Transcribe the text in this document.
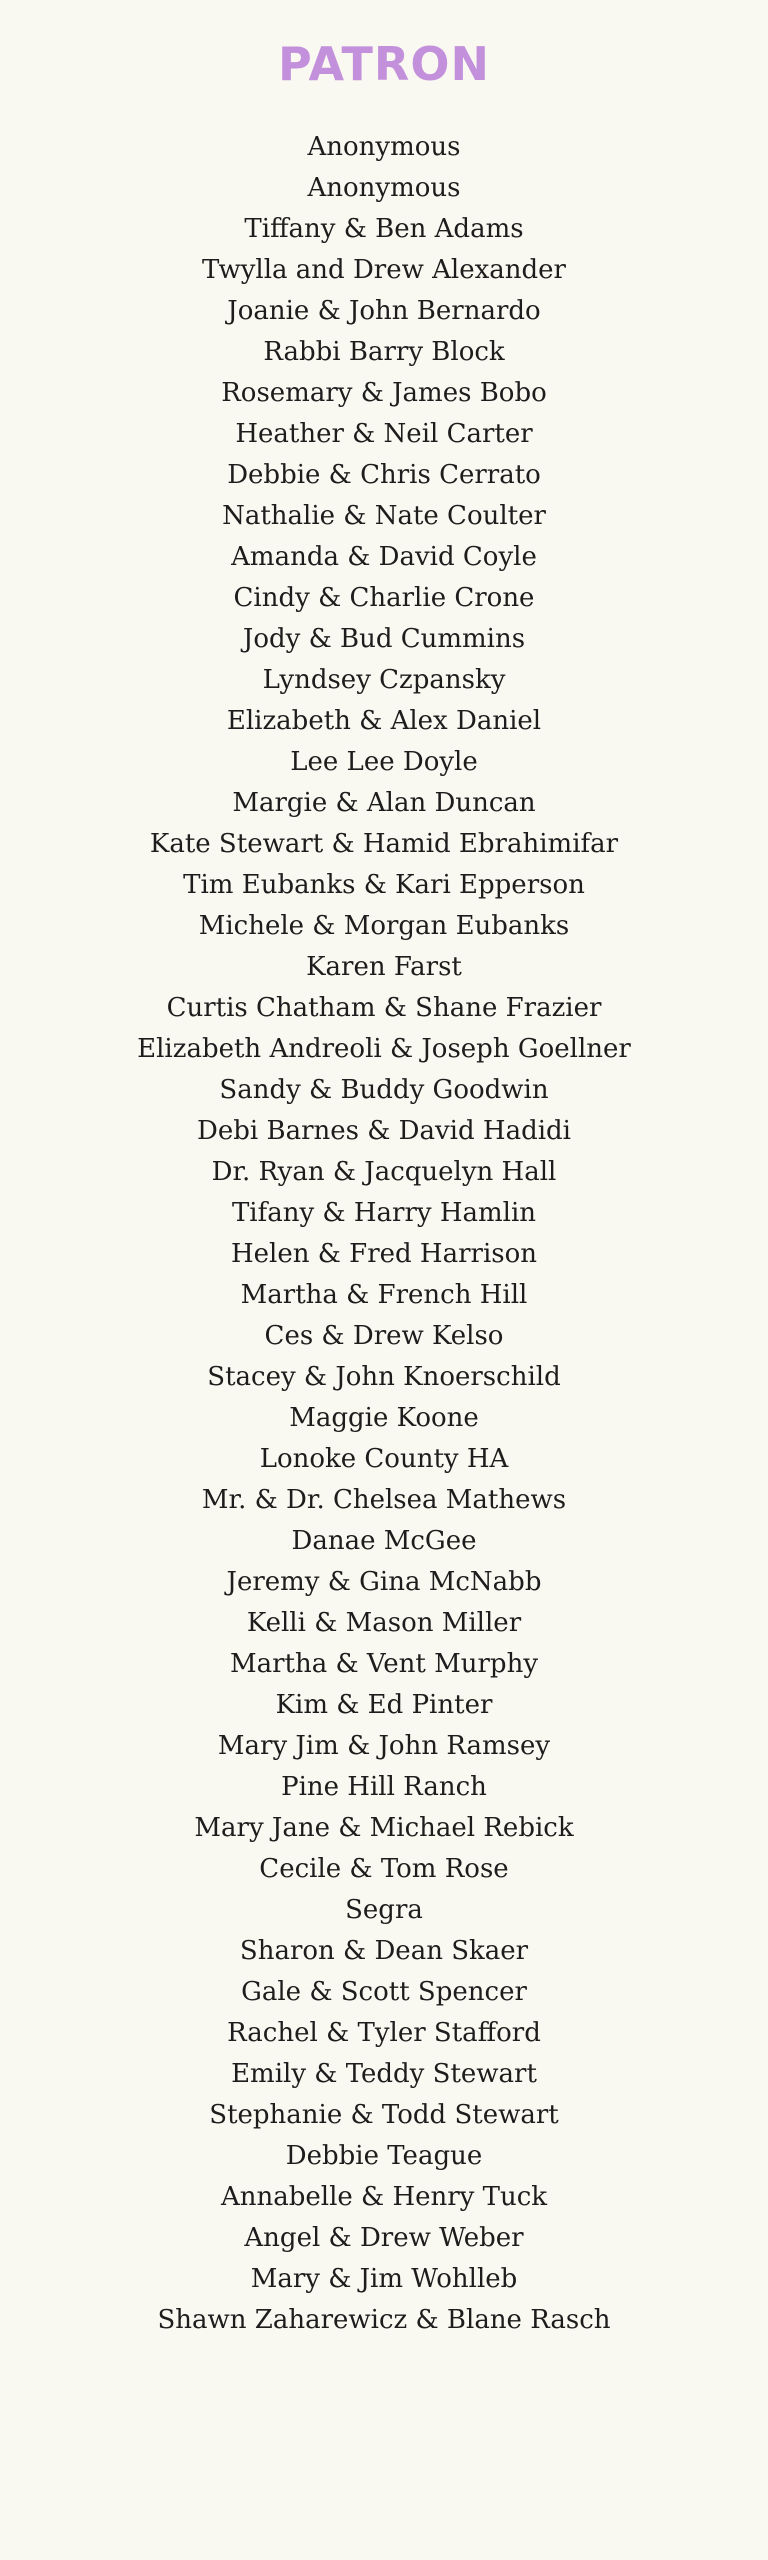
PATRON
Anonymous
Anonymous
Tiffany & Ben Adams
Twylla and Drew Alexander
Joanie & John Bernardo
Rabbi Barry Block
Rosemary & James Bobo
Heather & Neil Carter
Debbie & Chris Cerrato
Nathalie & Nate Coulter
Amanda & David Coyle
Cindy & Charlie Crone
Jody & Bud Cummins
Lyndsey Czpansky
Elizabeth & Alex Daniel
Lee Lee Doyle
Margie & Alan Duncan
Kate Stewart & Hamid Ebrahimifar
Tim Eubanks & Kari Epperson
Michele & Morgan Eubanks
Karen Farst
Curtis Chatham & Shane Frazier
Elizabeth Andreoli & Joseph Goellner
Sandy & Buddy Goodwin
Debi Barnes & David Hadidi
Dr. Ryan & Jacquelyn Hall
Tifany & Harry Hamlin
Helen & Fred Harrison
Martha & French Hill
Ces & Drew Kelso
Stacey & John Knoerschild
Maggie Koone
Lonoke County HA
Mr. & Dr. Chelsea Mathews
Danae McGee
Jeremy & Gina McNabb
Kelli & Mason Miller
Martha & Vent Murphy
Kim & Ed Pinter
Mary Jim & John Ramsey
Pine Hill Ranch
Mary Jane & Michael Rebick
Cecile & Tom Rose
Segra
Sharon & Dean Skaer
Gale & Scott Spencer
Rachel & Tyler Stafford
Emily & Teddy Stewart
Stephanie & Todd Stewart
Debbie Teague
Annabelle & Henry Tuck
Angel & Drew Weber
Mary & Jim Wohlleb
Shawn Zaharewicz & Blane Rasch
